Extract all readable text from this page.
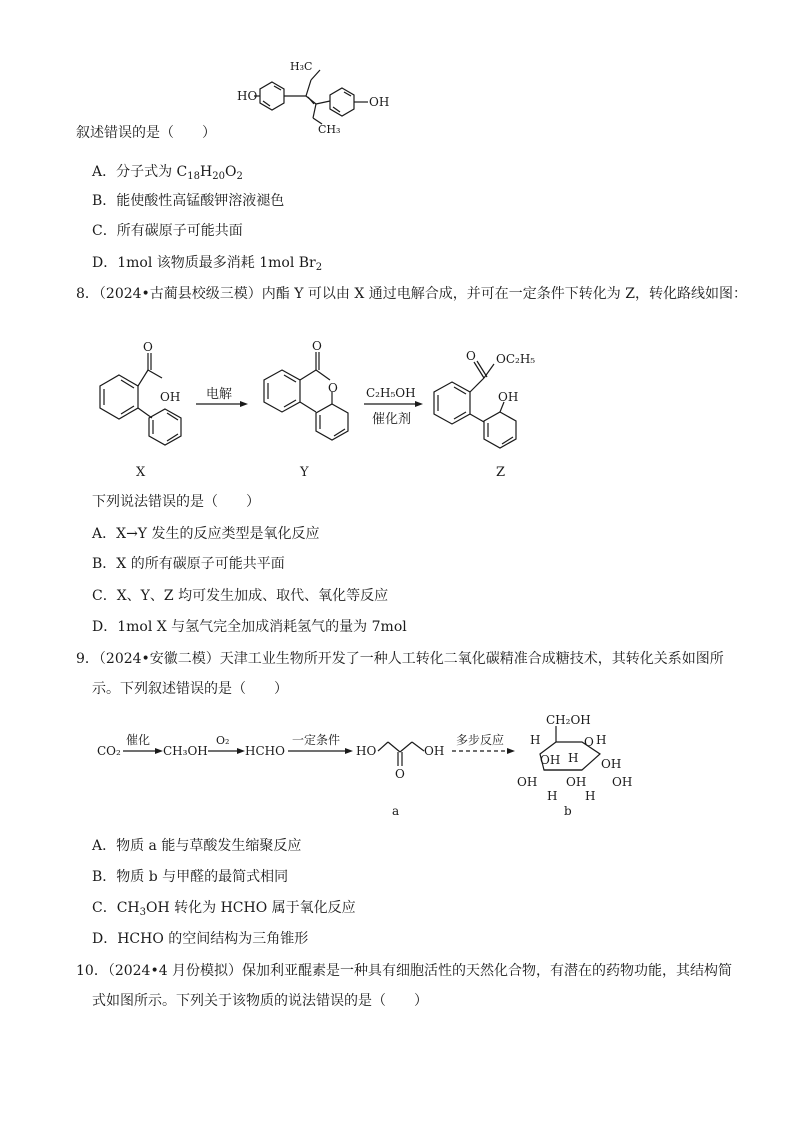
HO
H₃C
CH₃
OH
O
OH
X
电解
O
O
Y
C₂H₅OH
催化剂
O OC₂H₅
OH
Z
CO₂
催化
CH₃OH
O₂
HCHO
一定条件
HO	OH
O
a
多步反应
CH₂OH
O
H	H
OH H OH
OH OH
H H
OH
b
叙述错误的是（　　）
A．分子式为 $C_{18}H_{20}O_2$
B．能使酸性高锰酸钾溶液褪色
C．所有碳原子可能共面
D．1mol 该物质最多消耗 1mol $Br_2$
8．（2024•古蔺县校级三模）内酯 Y 可以由 X 通过电解合成，并可在一定条件下转化为 Z，转化路线如图：
下列说法错误的是（　　）
A．X→Y 发生的反应类型是氧化反应
B．X 的所有碳原子可能共平面
C．X、Y、Z 均可发生加成、取代、氧化等反应
D．1mol X 与氢气完全加成消耗氢气的量为 7mol
9．（2024•安徽二模）天津工业生物所开发了一种人工转化二氧化碳精准合成糖技术，其转化关系如图所
示。下列叙述错误的是（　　）
A．物质 a 能与草酸发生缩聚反应
B．物质 b 与甲醛的最简式相同
C．$CH_3OH$ 转化为 HCHO 属于氧化反应
D．HCHO 的空间结构为三角锥形
10．（2024•4 月份模拟）保加利亚醌素是一种具有细胞活性的天然化合物，有潜在的药物功能，其结构简
式如图所示。下列关于该物质的说法错误的是（　　）
